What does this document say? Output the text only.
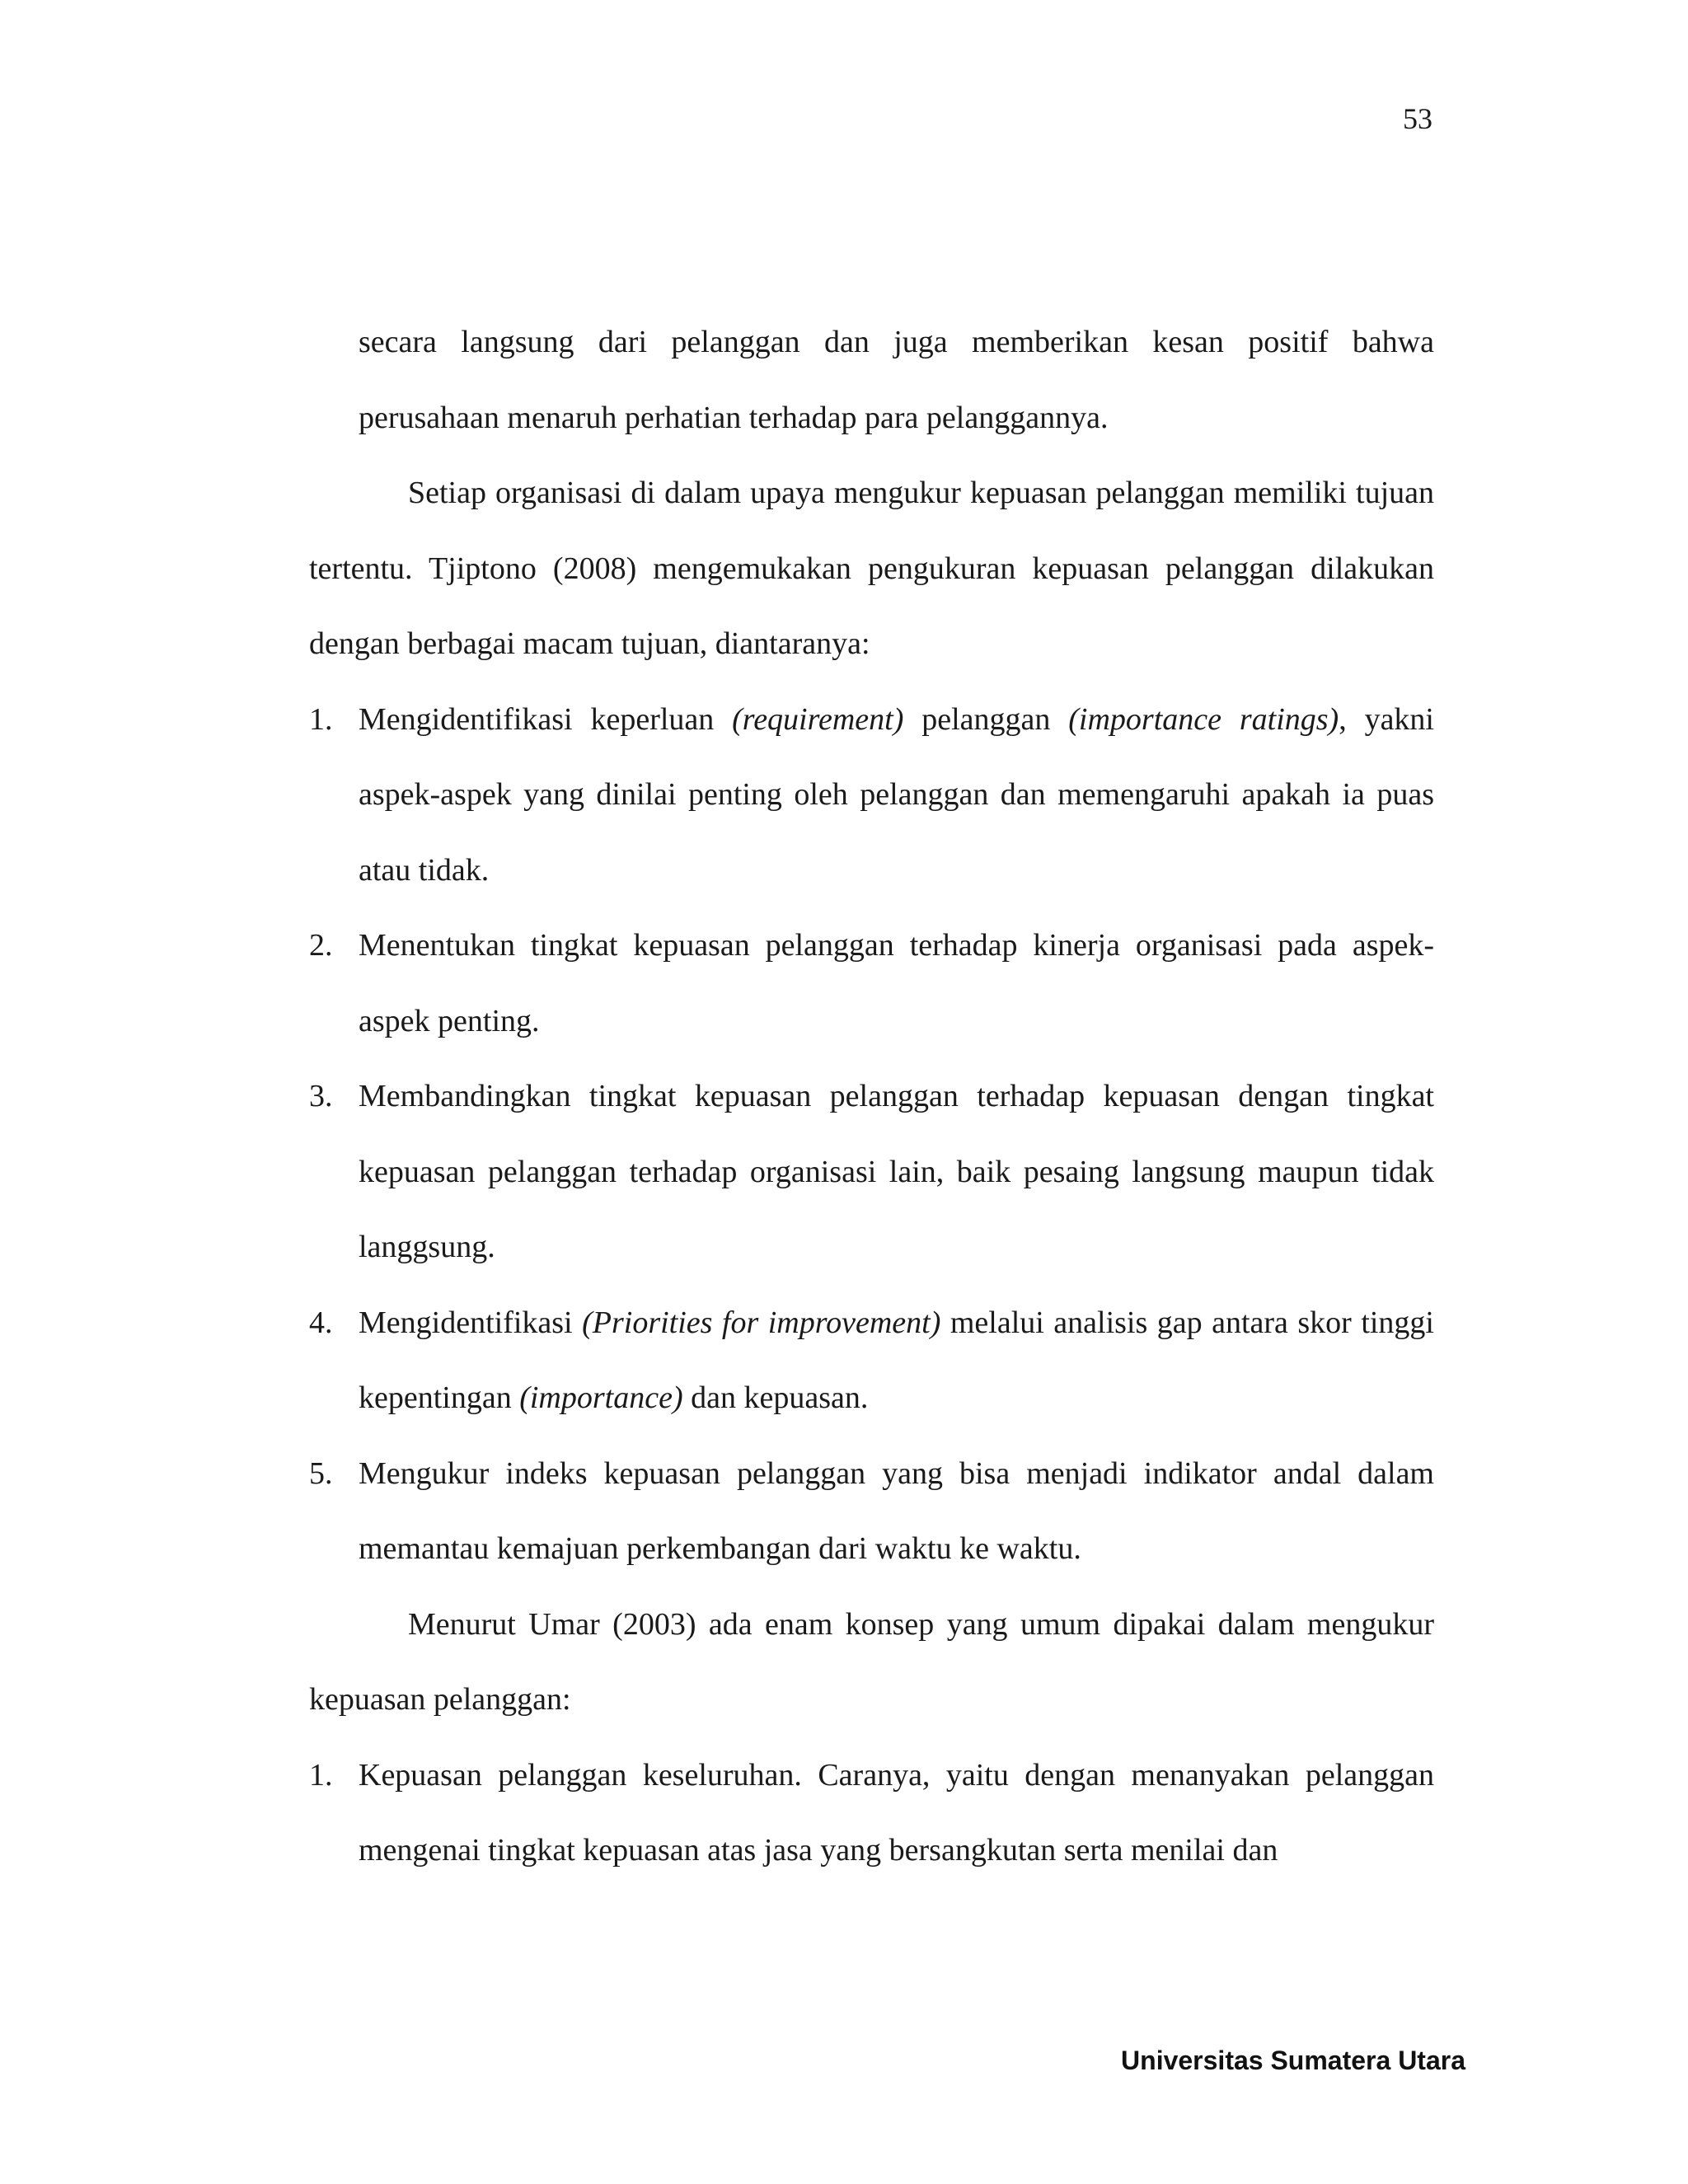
53

secara langsung dari pelanggan dan juga memberikan kesan positif bahwa perusahaan menaruh perhatian terhadap para pelanggannya.

Setiap organisasi di dalam upaya mengukur kepuasan pelanggan memiliki tujuan tertentu. Tjiptono (2008) mengemukakan pengukuran kepuasan pelanggan dilakukan dengan berbagai macam tujuan, diantaranya:

1. Mengidentifikasi keperluan (requirement) pelanggan (importance ratings), yakni aspek-aspek yang dinilai penting oleh pelanggan dan memengaruhi apakah ia puas atau tidak.
2. Menentukan tingkat kepuasan pelanggan terhadap kinerja organisasi pada aspek-aspek penting.
3. Membandingkan tingkat kepuasan pelanggan terhadap kepuasan dengan tingkat kepuasan pelanggan terhadap organisasi lain, baik pesaing langsung maupun tidak langgsung.
4. Mengidentifikasi (Priorities for improvement) melalui analisis gap antara skor tinggi kepentingan (importance) dan kepuasan.
5. Mengukur indeks kepuasan pelanggan yang bisa menjadi indikator andal dalam memantau kemajuan perkembangan dari waktu ke waktu.

Menurut Umar (2003) ada enam konsep yang umum dipakai dalam mengukur kepuasan pelanggan:

1. Kepuasan pelanggan keseluruhan. Caranya, yaitu dengan menanyakan pelanggan mengenai tingkat kepuasan atas jasa yang bersangkutan serta menilai dan
Universitas Sumatera Utara
